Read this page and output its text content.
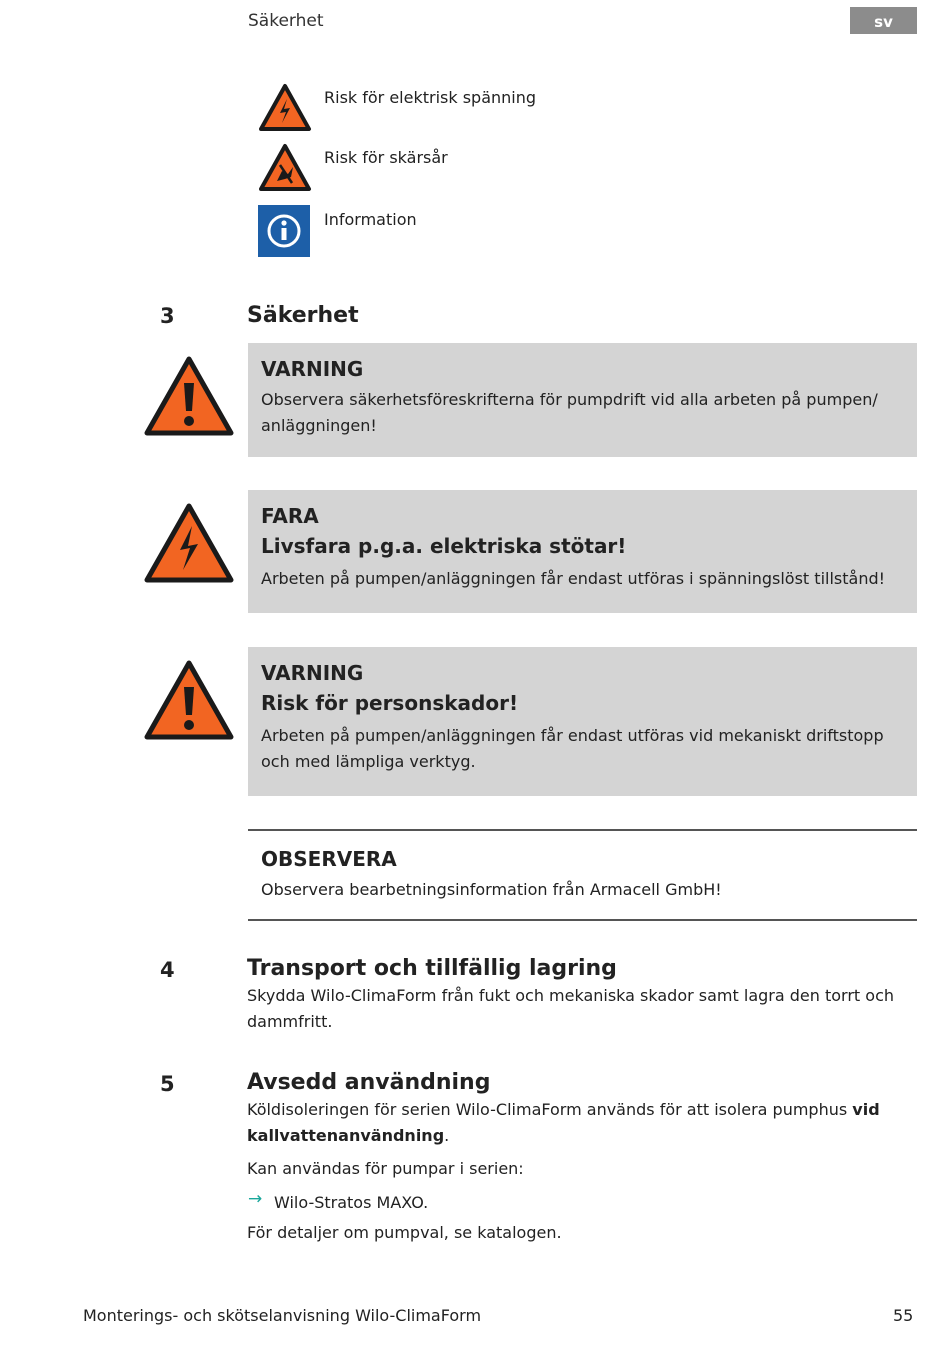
Säkerhet	sv
Risk för elektrisk spänning
Risk för skärsår
Information
3	Säkerhet
VARNING
Observera säkerhetsföreskrifterna för pumpdrift vid alla arbeten på pumpen/ anläggningen!
FARA
Livsfara p.g.a. elektriska stötar!
Arbeten på pumpen/anläggningen får endast utföras i spänningslöst tillstånd!
VARNING
Risk för personskador!
Arbeten på pumpen/anläggningen får endast utföras vid mekaniskt driftstopp och med lämpliga verktyg.
OBSERVERA
Observera bearbetningsinformation från Armacell GmbH!
4	Transport och tillfällig lagring
Skydda Wilo-ClimaForm från fukt och mekaniska skador samt lagra den torrt och dammfritt.
5	Avsedd användning
Köldisoleringen för serien Wilo-ClimaForm används för att isolera pumphus vid kallvattenanvändning.
Kan användas för pumpar i serien:
→ Wilo-Stratos MAXO.
För detaljer om pumpval, se katalogen.
Monterings- och skötselanvisning Wilo-ClimaForm	55
